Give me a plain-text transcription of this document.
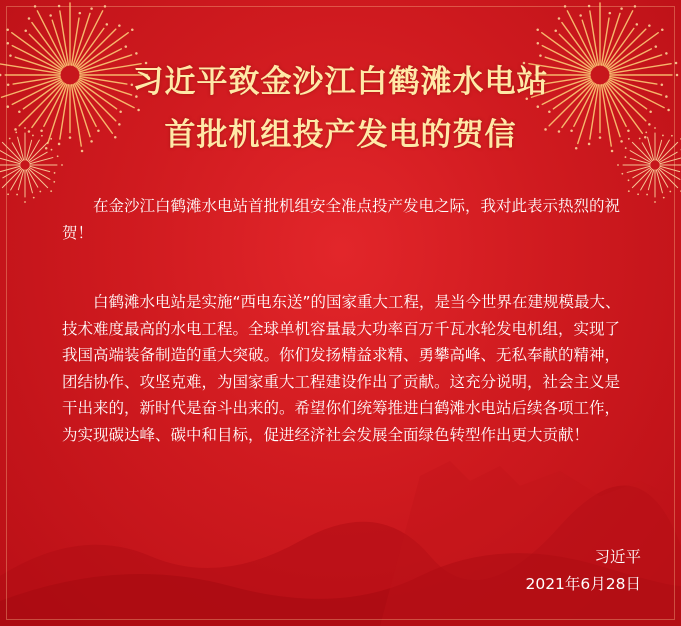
习近平致金沙江白鹤滩水电站
首批机组投产发电的贺信

在金沙江白鹤滩水电站首批机组安全准点投产发电之际，我对此表示热烈的祝贺！

白鹤滩水电站是实施“西电东送”的国家重大工程，是当今世界在建规模最大、技术难度最高的水电工程。全球单机容量最大功率百万千瓦水轮发电机组，实现了我国高端装备制造的重大突破。你们发扬精益求精、勇攀高峰、无私奉献的精神，团结协作、攻坚克难，为国家重大工程建设作出了贡献。这充分说明，社会主义是干出来的，新时代是奋斗出来的。希望你们统筹推进白鹤滩水电站后续各项工作，为实现碳达峰、碳中和目标，促进经济社会发展全面绿色转型作出更大贡献！

习近平

2021年6月28日
